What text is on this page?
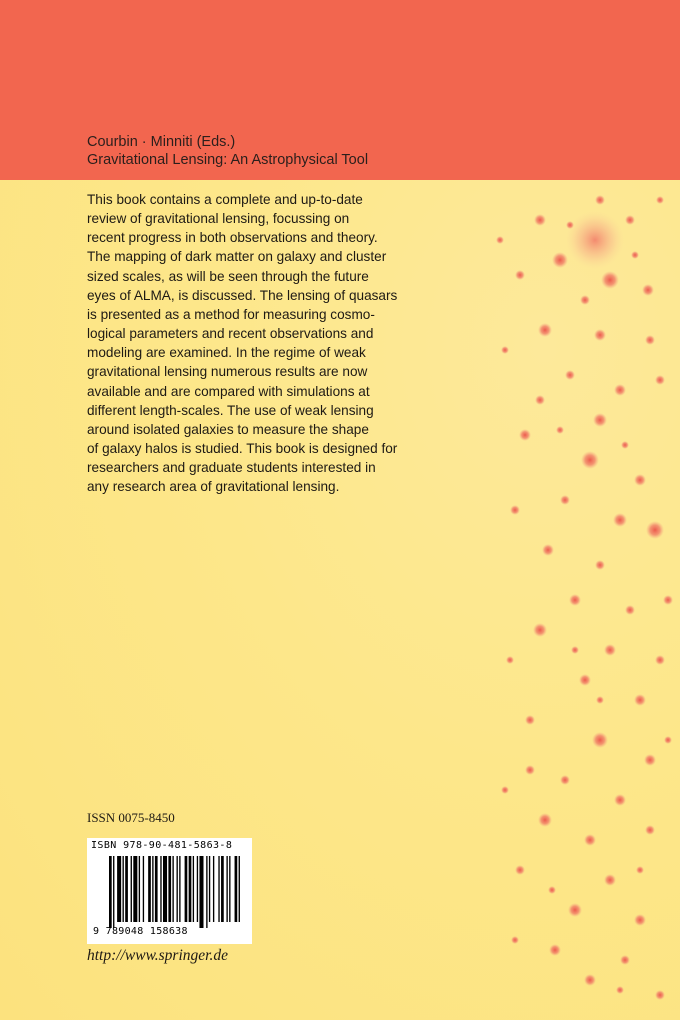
Courbin · Minniti (Eds.)
Gravitational Lensing: An Astrophysical Tool
This book contains a complete and up-to-date
review of gravitational lensing, focussing on
recent progress in both observations and theory.
The mapping of dark matter on galaxy and cluster
sized scales, as will be seen through the future
eyes of ALMA, is discussed. The lensing of quasars
is presented as a method for measuring cosmo-
logical parameters and recent observations and
modeling are examined. In the regime of weak
gravitational lensing numerous results are now
available and are compared with simulations at
different length-scales. The use of weak lensing
around isolated galaxies to measure the shape
of galaxy halos is studied. This book is designed for
researchers and graduate students interested in
any research area of gravitational lensing.
ISSN 0075-8450
ISBN 978-90-481-5863-8
9 789048 158638
http://www.springer.de
